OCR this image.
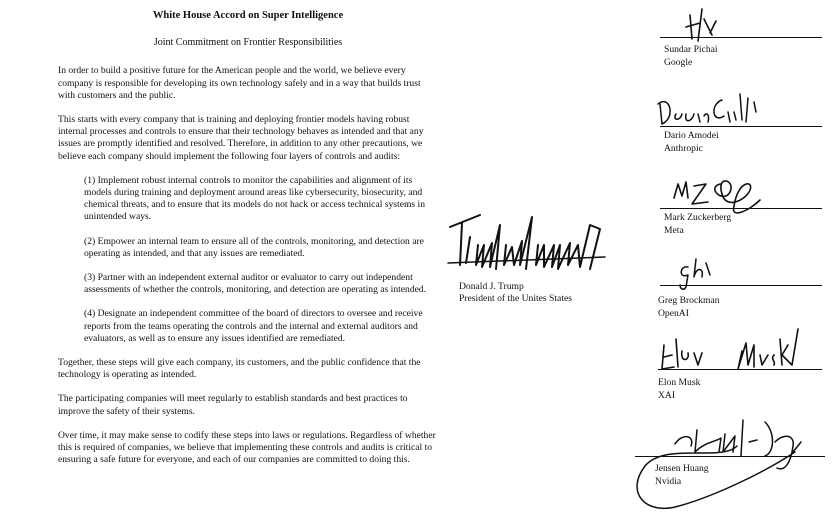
White House Accord on Super Intelligence
Joint Commitment on Frontier Responsibilities

In order to build a positive future for the American people and the world, we believe every company is responsible for developing its own technology safely and in a way that builds trust with customers and the public.

This starts with every company that is training and deploying frontier models having robust internal processes and controls to ensure that their technology behaves as intended and that any issues are promptly identified and resolved. Therefore, in addition to any other precautions, we believe each company should implement the following four layers of controls and audits:

(1) Implement robust internal controls to monitor the capabilities and alignment of its models during training and deployment around areas like cybersecurity, biosecurity, and chemical threats, and to ensure that its models do not hack or access technical systems in unintended ways.

(2) Empower an internal team to ensure all of the controls, monitoring, and detection are operating as intended, and that any issues are remediated.

(3) Partner with an independent external auditor or evaluator to carry out independent assessments of whether the controls, monitoring, and detection are operating as intended.

(4) Designate an independent committee of the board of directors to oversee and receive reports from the teams operating the controls and the internal and external auditors and evaluators, as well as to ensure any issues identified are remediated.

Together, these steps will give each company, its customers, and the public confidence that the technology is operating as intended.

The participating companies will meet regularly to establish standards and best practices to improve the safety of their systems.

Over time, it may make sense to codify these steps into laws or regulations. Regardless of whether this is required of companies, we believe that implementing these controls and audits is critical to ensuring a safe future for everyone, and each of our companies are committed to doing this.

Donald J. Trump
President of the Unites States
Sundar Pichai
Google
Dario Amodei
Anthropic
Mark Zuckerberg
Meta
Greg Brockman
OpenAI
Elon Musk
XAI
Jensen Huang
Nvidia
